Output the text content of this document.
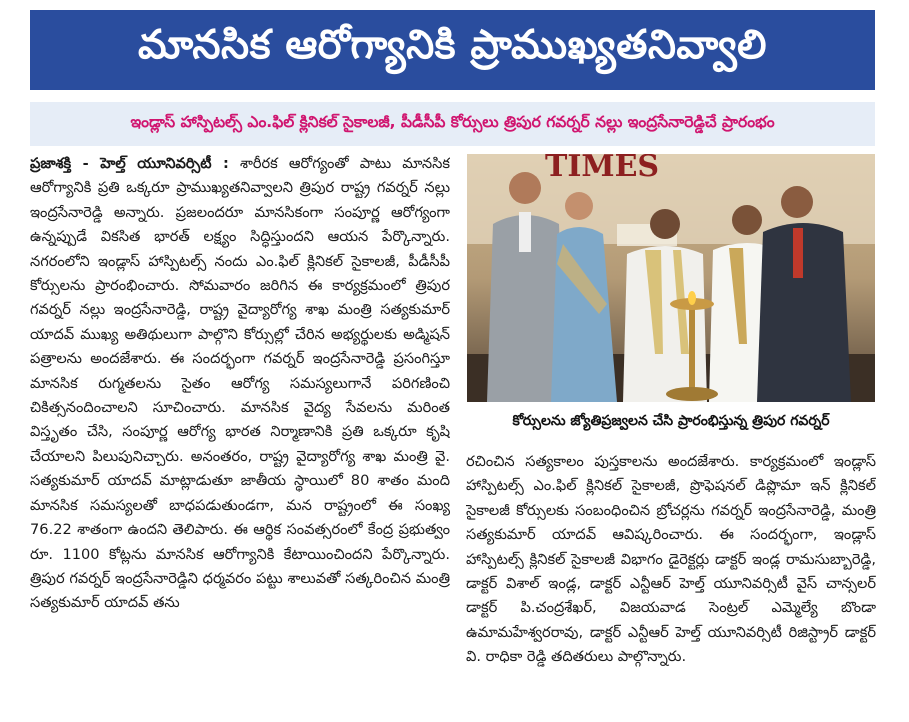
మానసిక ఆరోగ్యానికి ప్రాముఖ్యతనివ్వాలి
ఇండ్లాస్ హాస్పిటల్స్ ఎం.ఫిల్ క్లినికల్ సైకాలజీ, పీడీసీపీ కోర్సులు త్రిపుర గవర్నర్ నల్లు ఇంద్రసేనారెడ్డిచే ప్రారంభం

ప్రజాశక్తి - హెల్త్ యూనివర్సిటీ : శారీరక ఆరోగ్యంతో పాటు మానసిక ఆరోగ్యానికి ప్రతి ఒక్కరూ ప్రాముఖ్యతనివ్వాలని త్రిపుర రాష్ట్ర గవర్నర్ నల్లు ఇంద్రసేనారెడ్డి అన్నారు. ప్రజలందరూ మానసికంగా సంపూర్ణ ఆరోగ్యంగా ఉన్నప్పుడే వికసిత భారత్ లక్ష్యం సిద్ధిస్తుందని ఆయన పేర్కొన్నారు. నగరంలోని ఇండ్లాస్ హాస్పిటల్స్ నందు ఎం.ఫిల్ క్లినికల్ సైకాలజీ, పీడీసీపీ కోర్సులను ప్రారంభించారు. సోమవారం జరిగిన ఈ కార్యక్రమంలో త్రిపుర గవర్నర్ నల్లు ఇంద్రసేనారెడ్డి, రాష్ట్ర వైద్యారోగ్య శాఖ మంత్రి సత్యకుమార్ యాదవ్ ముఖ్య అతిథులుగా పాల్గొని కోర్సుల్లో చేరిన అభ్యర్థులకు అడ్మిషన్ పత్రాలను అందజేశారు. ఈ సందర్భంగా గవర్నర్ ఇంద్రసేనారెడ్డి ప్రసంగిస్తూ మానసిక రుగ్మతలను సైతం ఆరోగ్య సమస్యలుగానే పరిగణించి చికిత్సనందించాలని సూచించారు. మానసిక వైద్య సేవలను మరింత విస్తృతం చేసి, సంపూర్ణ ఆరోగ్య భారత నిర్మాణానికి ప్రతి ఒక్కరూ కృషి చేయాలని పిలుపునిచ్చారు. అనంతరం, రాష్ట్ర వైద్యారోగ్య శాఖ మంత్రి వై. సత్యకుమార్ యాదవ్ మాట్లాడుతూ జాతీయ స్థాయిలో 80 శాతం మంది మానసిక సమస్యలతో బాధపడుతుండగా, మన రాష్ట్రంలో ఈ సంఖ్య 76.22 శాతంగా ఉందని తెలిపారు. ఈ ఆర్థిక సంవత్సరంలో కేంద్ర ప్రభుత్వం రూ. 1100 కోట్లను మానసిక ఆరోగ్యానికి కేటాయించిందని పేర్కొన్నారు. త్రిపుర గవర్నర్ ఇంద్రసేనారెడ్డిని ధర్మవరం పట్టు శాలువతో సత్కరించిన మంత్రి సత్యకుమార్ యాదవ్ తను

TIMES
కోర్సులను జ్యోతిప్రజ్వలన చేసి ప్రారంభిస్తున్న త్రిపుర గవర్నర్

రచించిన సత్యకాలం పుస్తకాలను అందజేశారు. కార్యక్రమంలో ఇండ్లాస్ హాస్పిటల్స్ ఎం.ఫిల్ క్లినికల్ సైకాలజీ, ప్రొఫెషనల్ డిప్లొమా ఇన్ క్లినికల్ సైకాలజీ కోర్సులకు సంబంధించిన బ్రోచర్లను గవర్నర్ ఇంద్రసేనారెడ్డి, మంత్రి సత్యకుమార్ యాదవ్ ఆవిష్కరించారు. ఈ సందర్భంగా, ఇండ్లాస్ హాస్పిటల్స్ క్లినికల్ సైకాలజీ విభాగం డైరెక్టర్లు డాక్టర్ ఇండ్ల రామసుబ్బారెడ్డి, డాక్టర్ విశాల్ ఇండ్ల, డాక్టర్ ఎన్టీఆర్ హెల్త్ యూనివర్సిటీ వైస్ చాన్సలర్ డాక్టర్ పి.చంద్రశేఖర్, విజయవాడ సెంట్రల్ ఎమ్మెల్యే బొండా ఉమామహేశ్వరరావు, డాక్టర్ ఎన్టీఆర్ హెల్త్ యూనివర్సిటీ రిజిస్ట్రార్ డాక్టర్ వి. రాధికా రెడ్డి తదితరులు పాల్గొన్నారు.
